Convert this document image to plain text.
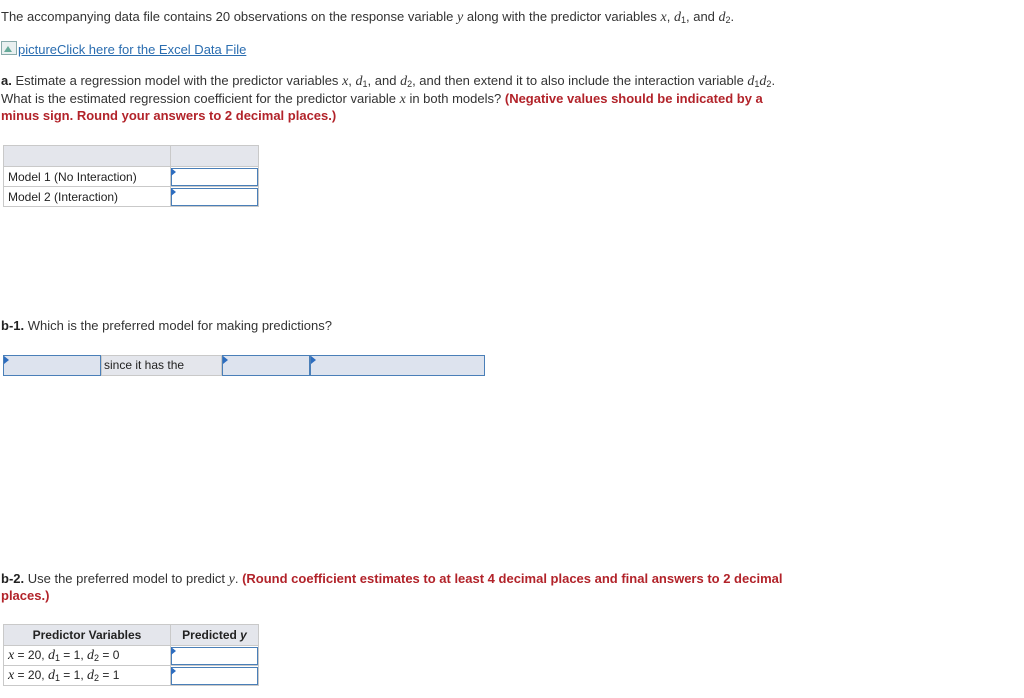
The accompanying data file contains 20 observations on the response variable y along with the predictor variables x, $d_1$, and $d_2$.
pictureClick here for the Excel Data File
a. Estimate a regression model with the predictor variables x, $d_1$, and $d_2$, and then extend it to also include the interaction variable $d_1d_2$.
What is the estimated regression coefficient for the predictor variable x in both models? (Negative values should be indicated by a
minus sign. Round your answers to 2 decimal places.)

Model 1 (No Interaction)	

Model 2 (Interaction)	
b-1. Which is the preferred model for making predictions?
since it has the
b-2. Use the preferred model to predict y. (Round coefficient estimates to at least 4 decimal places and final answers to 2 decimal
places.)
Predictor Variables	Predicted y
x = 20, $d_1 = 1$, $d_2 = 0$	

x = 20, $d_1 = 1$, $d_2 = 1$	
